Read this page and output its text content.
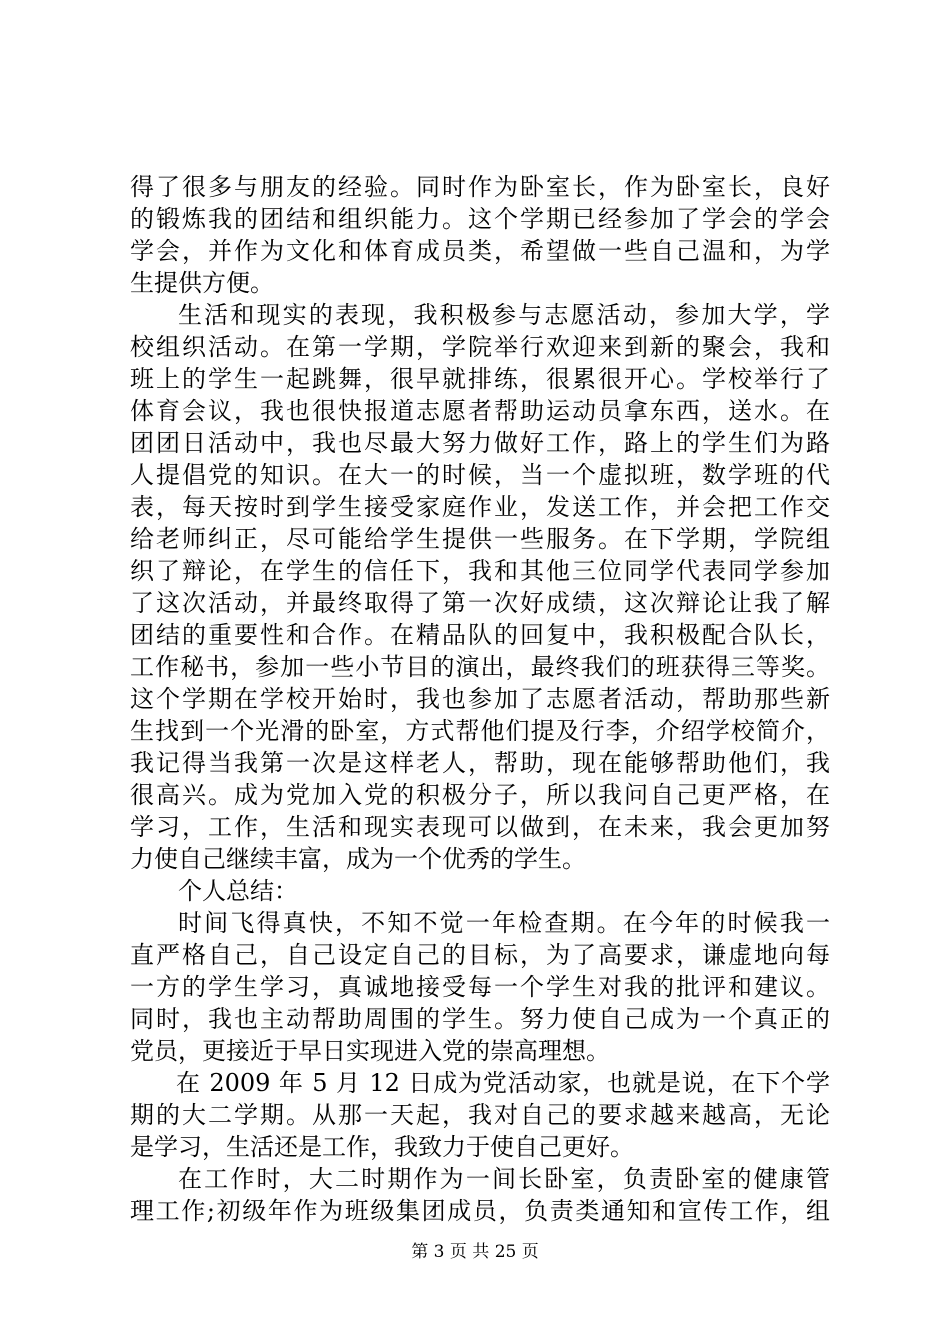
得了很多与朋友的经验。同时作为卧室长，作为卧室长，良好
的锻炼我的团结和组织能力。这个学期已经参加了学会的学会
学会，并作为文化和体育成员类，希望做一些自己温和，为学
生提供方便。
生活和现实的表现，我积极参与志愿活动，参加大学，学
校组织活动。在第一学期，学院举行欢迎来到新的聚会，我和
班上的学生一起跳舞，很早就排练，很累很开心。学校举行了
体育会议，我也很快报道志愿者帮助运动员拿东西，送水。在
团团日活动中，我也尽最大努力做好工作，路上的学生们为路
人提倡党的知识。在大一的时候，当一个虚拟班，数学班的代
表，每天按时到学生接受家庭作业，发送工作，并会把工作交
给老师纠正，尽可能给学生提供一些服务。在下学期，学院组
织了辩论，在学生的信任下，我和其他三位同学代表同学参加
了这次活动，并最终取得了第一次好成绩，这次辩论让我了解
团结的重要性和合作。在精品队的回复中，我积极配合队长，
工作秘书，参加一些小节目的演出，最终我们的班获得三等奖。
这个学期在学校开始时，我也参加了志愿者活动，帮助那些新
生找到一个光滑的卧室，方式帮他们提及行李，介绍学校简介，
我记得当我第一次是这样老人，帮助，现在能够帮助他们，我
很高兴。成为党加入党的积极分子，所以我问自己更严格，在
学习，工作，生活和现实表现可以做到，在未来，我会更加努
力使自己继续丰富，成为一个优秀的学生。
个人总结：
时间飞得真快，不知不觉一年检查期。在今年的时候我一
直严格自己，自己设定自己的目标，为了高要求，谦虚地向每
一方的学生学习，真诚地接受每一个学生对我的批评和建议。
同时，我也主动帮助周围的学生。努力使自己成为一个真正的
党员，更接近于早日实现进入党的崇高理想。
在 2009 年 5 月 12 日成为党活动家，也就是说，在下个学
期的大二学期。从那一天起，我对自己的要求越来越高，无论
是学习，生活还是工作，我致力于使自己更好。
在工作时，大二时期作为一间长卧室，负责卧室的健康管
理工作;初级年作为班级集团成员，负责类通知和宣传工作，组
第 3 页 共 25 页
